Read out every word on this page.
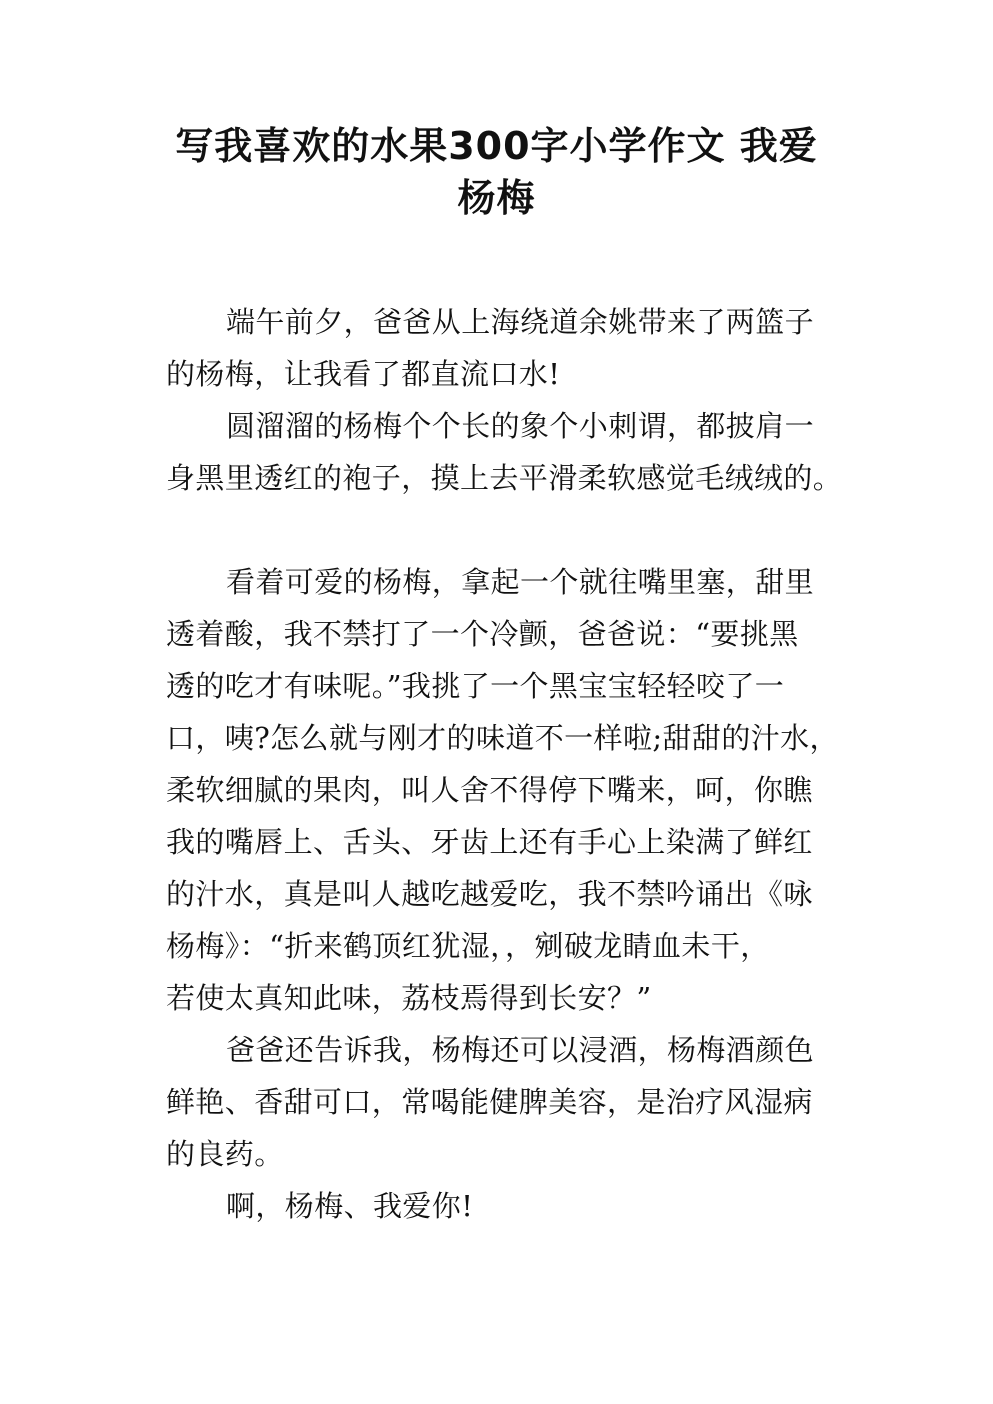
写我喜欢的水果300字小学作文 我爱
杨梅
端午前夕，爸爸从上海绕道余姚带来了两篮子
的杨梅，让我看了都直流口水!
圆溜溜的杨梅个个长的象个小刺谓，都披肩一
身黑里透红的袍子，摸上去平滑柔软感觉毛绒绒的。
看着可爱的杨梅，拿起一个就往嘴里塞，甜里
透着酸，我不禁打了一个冷颤，爸爸说：“要挑黑
透的吃才有味呢。”我挑了一个黑宝宝轻轻咬了一
口，咦?怎么就与刚才的味道不一样啦;甜甜的汁水，
柔软细腻的果肉，叫人舍不得停下嘴来，呵，你瞧
我的嘴唇上、舌头、牙齿上还有手心上染满了鲜红
的汁水，真是叫人越吃越爱吃，我不禁吟诵出《咏
杨梅》：“折来鹤顶红犹湿，，剜破龙睛血未干，
若使太真知此味，荔枝焉得到长安？”
爸爸还告诉我，杨梅还可以浸酒，杨梅酒颜色
鲜艳、香甜可口，常喝能健脾美容，是治疗风湿病
的良药。
啊，杨梅、我爱你!
